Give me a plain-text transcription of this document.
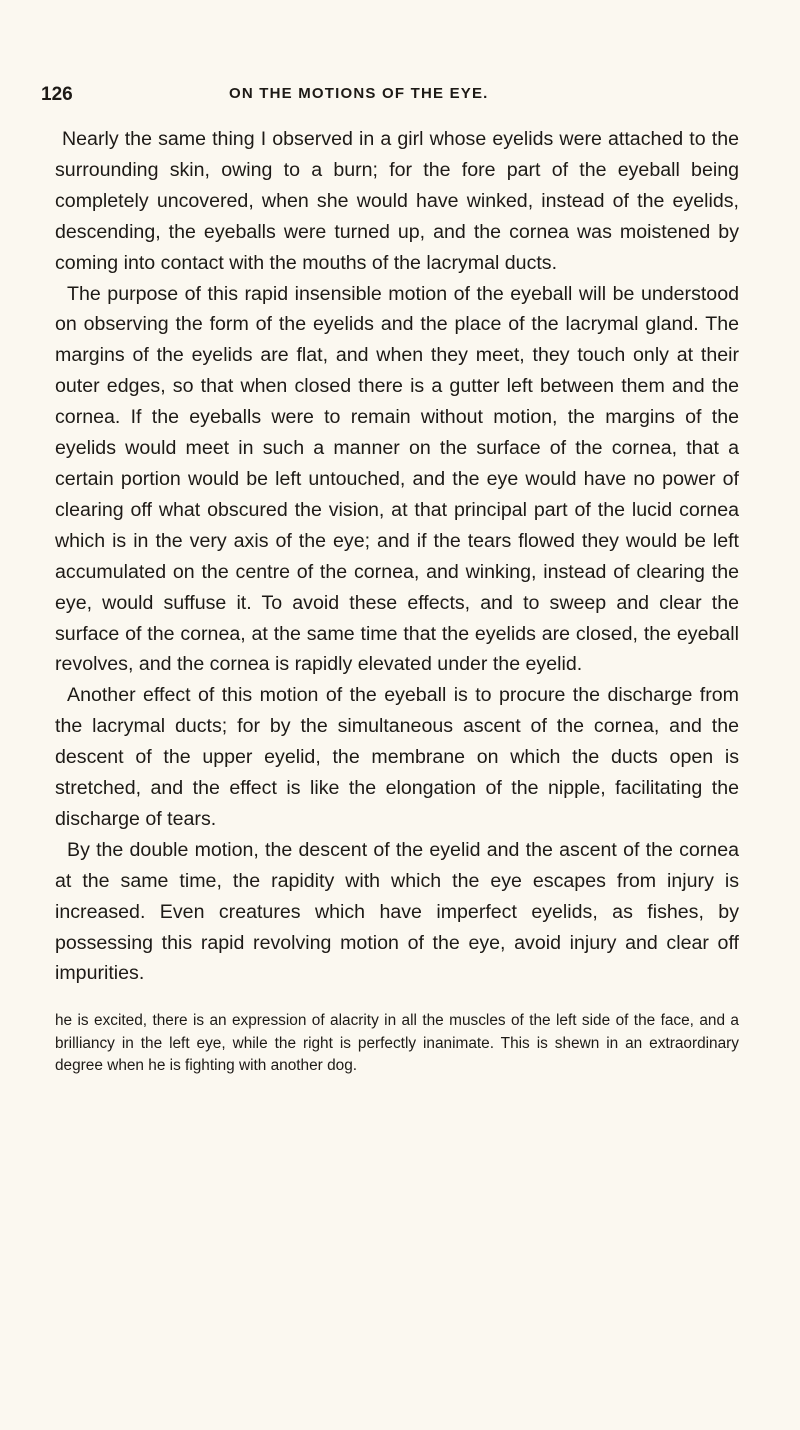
126	ON THE MOTIONS OF THE EYE.

Nearly the same thing I observed in a girl whose eyelids were attached to the surrounding skin, owing to a burn; for the fore part of the eyeball being completely uncovered, when she would have winked, instead of the eyelids, descending, the eyeballs were turned up, and the cornea was moistened by coming into contact with the mouths of the lacrymal ducts.

The purpose of this rapid insensible motion of the eyeball will be understood on observing the form of the eyelids and the place of the lacrymal gland. The margins of the eyelids are flat, and when they meet, they touch only at their outer edges, so that when closed there is a gutter left between them and the cornea. If the eyeballs were to remain without motion, the margins of the eyelids would meet in such a manner on the surface of the cornea, that a certain portion would be left untouched, and the eye would have no power of clearing off what obscured the vision, at that principal part of the lucid cornea which is in the very axis of the eye; and if the tears flowed they would be left accumulated on the centre of the cornea, and winking, instead of clearing the eye, would suffuse it. To avoid these effects, and to sweep and clear the surface of the cornea, at the same time that the eyelids are closed, the eyeball revolves, and the cornea is rapidly elevated under the eyelid.

Another effect of this motion of the eyeball is to procure the discharge from the lacrymal ducts; for by the simultaneous ascent of the cornea, and the descent of the upper eyelid, the membrane on which the ducts open is stretched, and the effect is like the elongation of the nipple, facilitating the discharge of tears.

By the double motion, the descent of the eyelid and the ascent of the cornea at the same time, the rapidity with which the eye escapes from injury is increased. Even creatures which have imperfect eyelids, as fishes, by possessing this rapid revolving motion of the eye, avoid injury and clear off impurities.

he is excited, there is an expression of alacrity in all the muscles of the left side of the face, and a brilliancy in the left eye, while the right is perfectly inanimate. This is shewn in an extraordinary degree when he is fighting with another dog.
